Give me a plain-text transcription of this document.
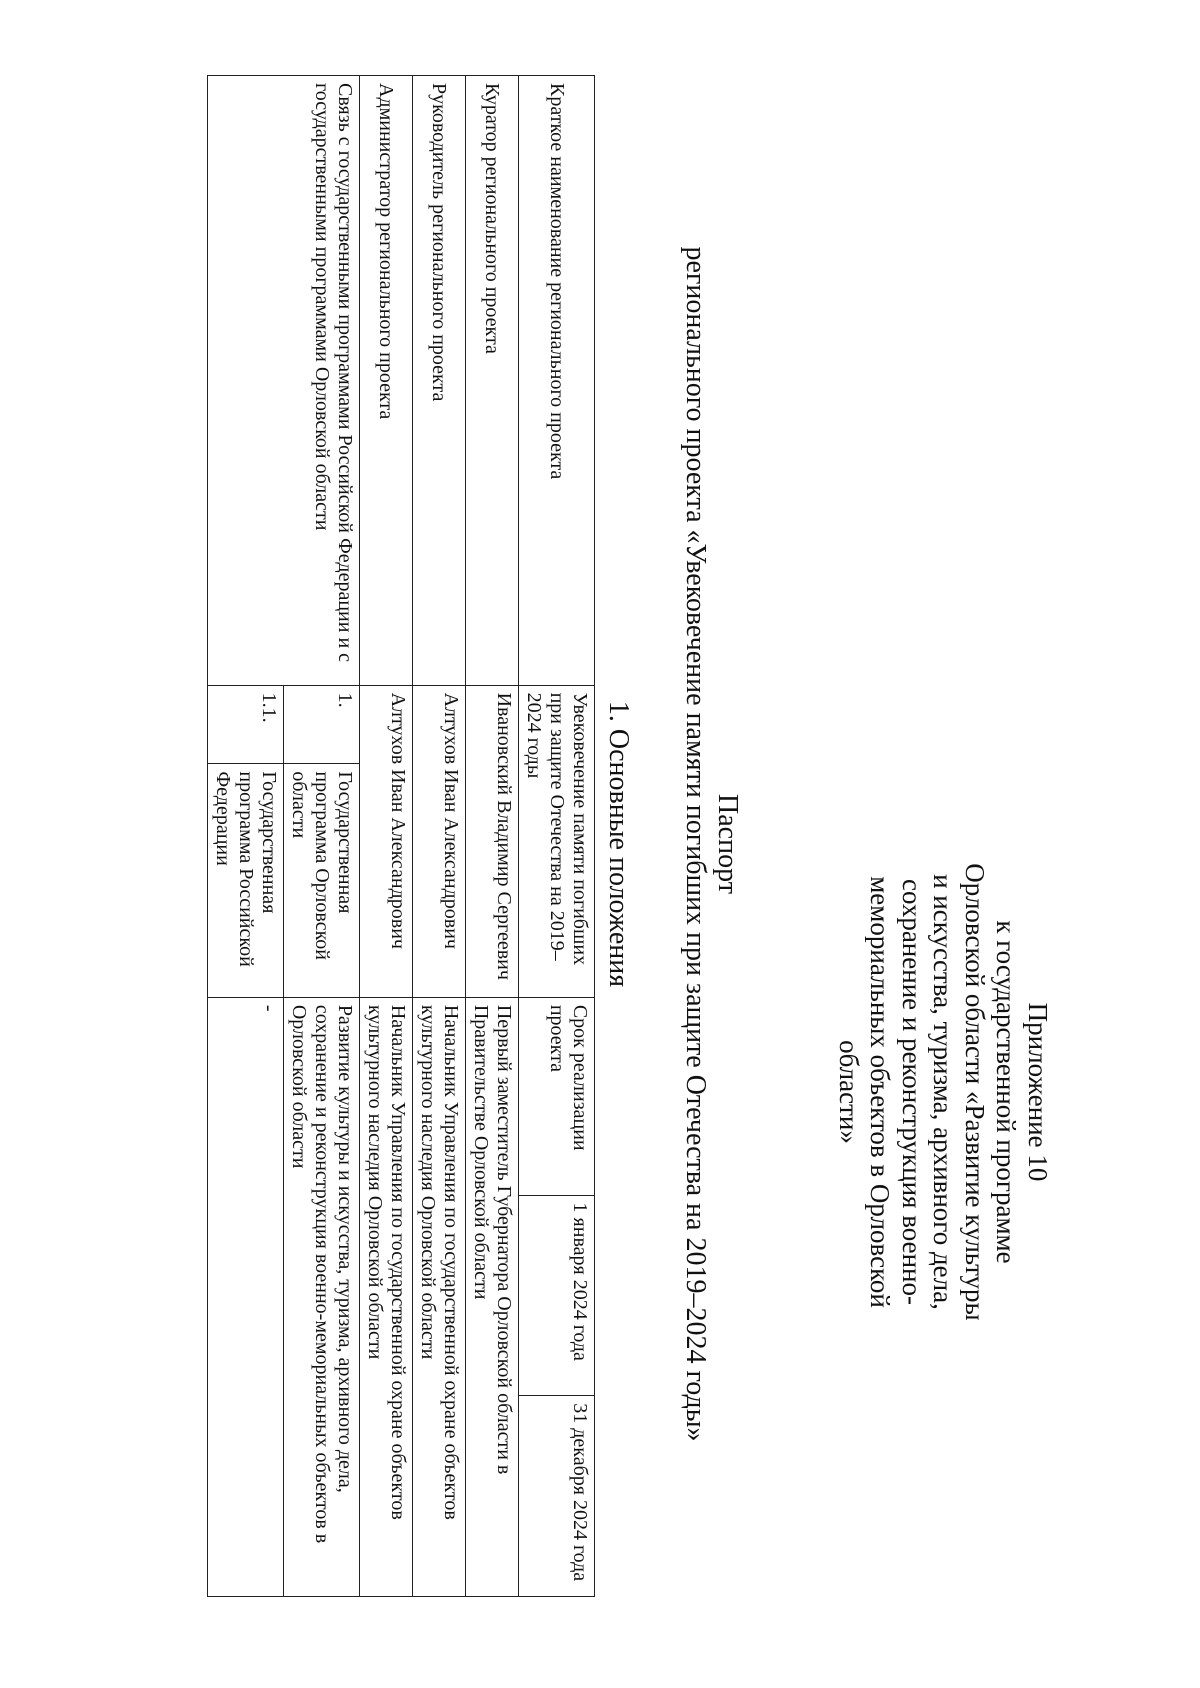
Приложение 10
к государственной программе
Орловской области «Развитие культуры
и искусства, туризма, архивного дела,
сохранение и реконструкция военно-
мемориальных объектов в Орловской
области»
Паспорт
регионального проекта «Увековечение памяти погибших при защите Отечества на 2019–2024 годы»
1. Основные положения
Краткое наименование регионального проекта	Увековечение памяти погибших при защите Отечества на 2019–2024 годы		Срок реализации проекта	1 января 2024 года	31 декабря 2024 года
Куратор регионального проекта	Ивановский Владимир Сергеевич		Первый заместитель Губернатора Орловской области в Правительстве Орловской области		
Руководитель регионального проекта	Алтухов Иван Александрович		Начальник Управления по государственной охране объектов культурного наследия Орловской области		
Администратор регионального проекта	Алтухов Иван Александрович		Начальник Управления по государственной охране объектов культурного наследия Орловской области		
Связь с государственными программами Российской Федерации и с государственными программами Орловской области	1.	Государственная программа Орловской области	Развитие культуры и искусства, туризма, архивного дела, сохранение и реконструкция военно-мемориальных объектов в Орловской области		
	1.1.	Государственная программа Российской Федерации	-		
